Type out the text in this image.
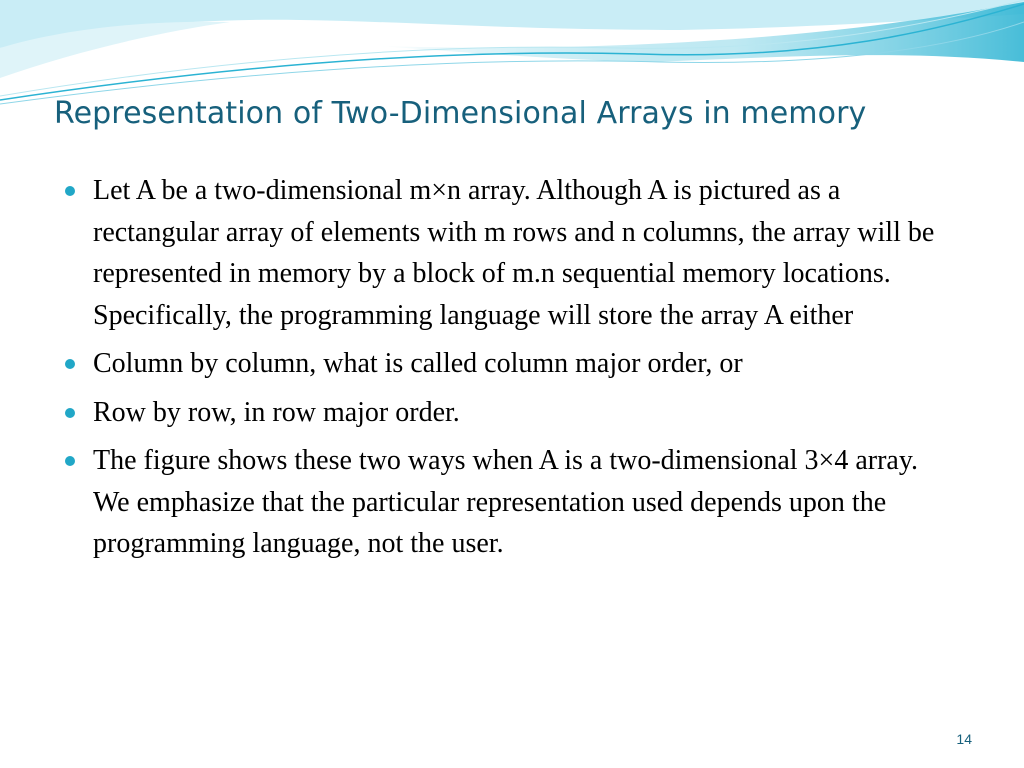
Representation of Two-Dimensional Arrays in memory
Let A be a two-dimensional m×n array. Although A is pictured as a rectangular array of elements with m rows and n columns, the array will be represented in memory by a block of m.n sequential memory locations. Specifically, the programming language will store the array A either
Column by column, what is called column major order, or
Row by row, in row major order.
The figure shows these two ways when A is a two-dimensional 3×4 array. We emphasize that the particular representation used depends upon the programming language, not the user.
14
